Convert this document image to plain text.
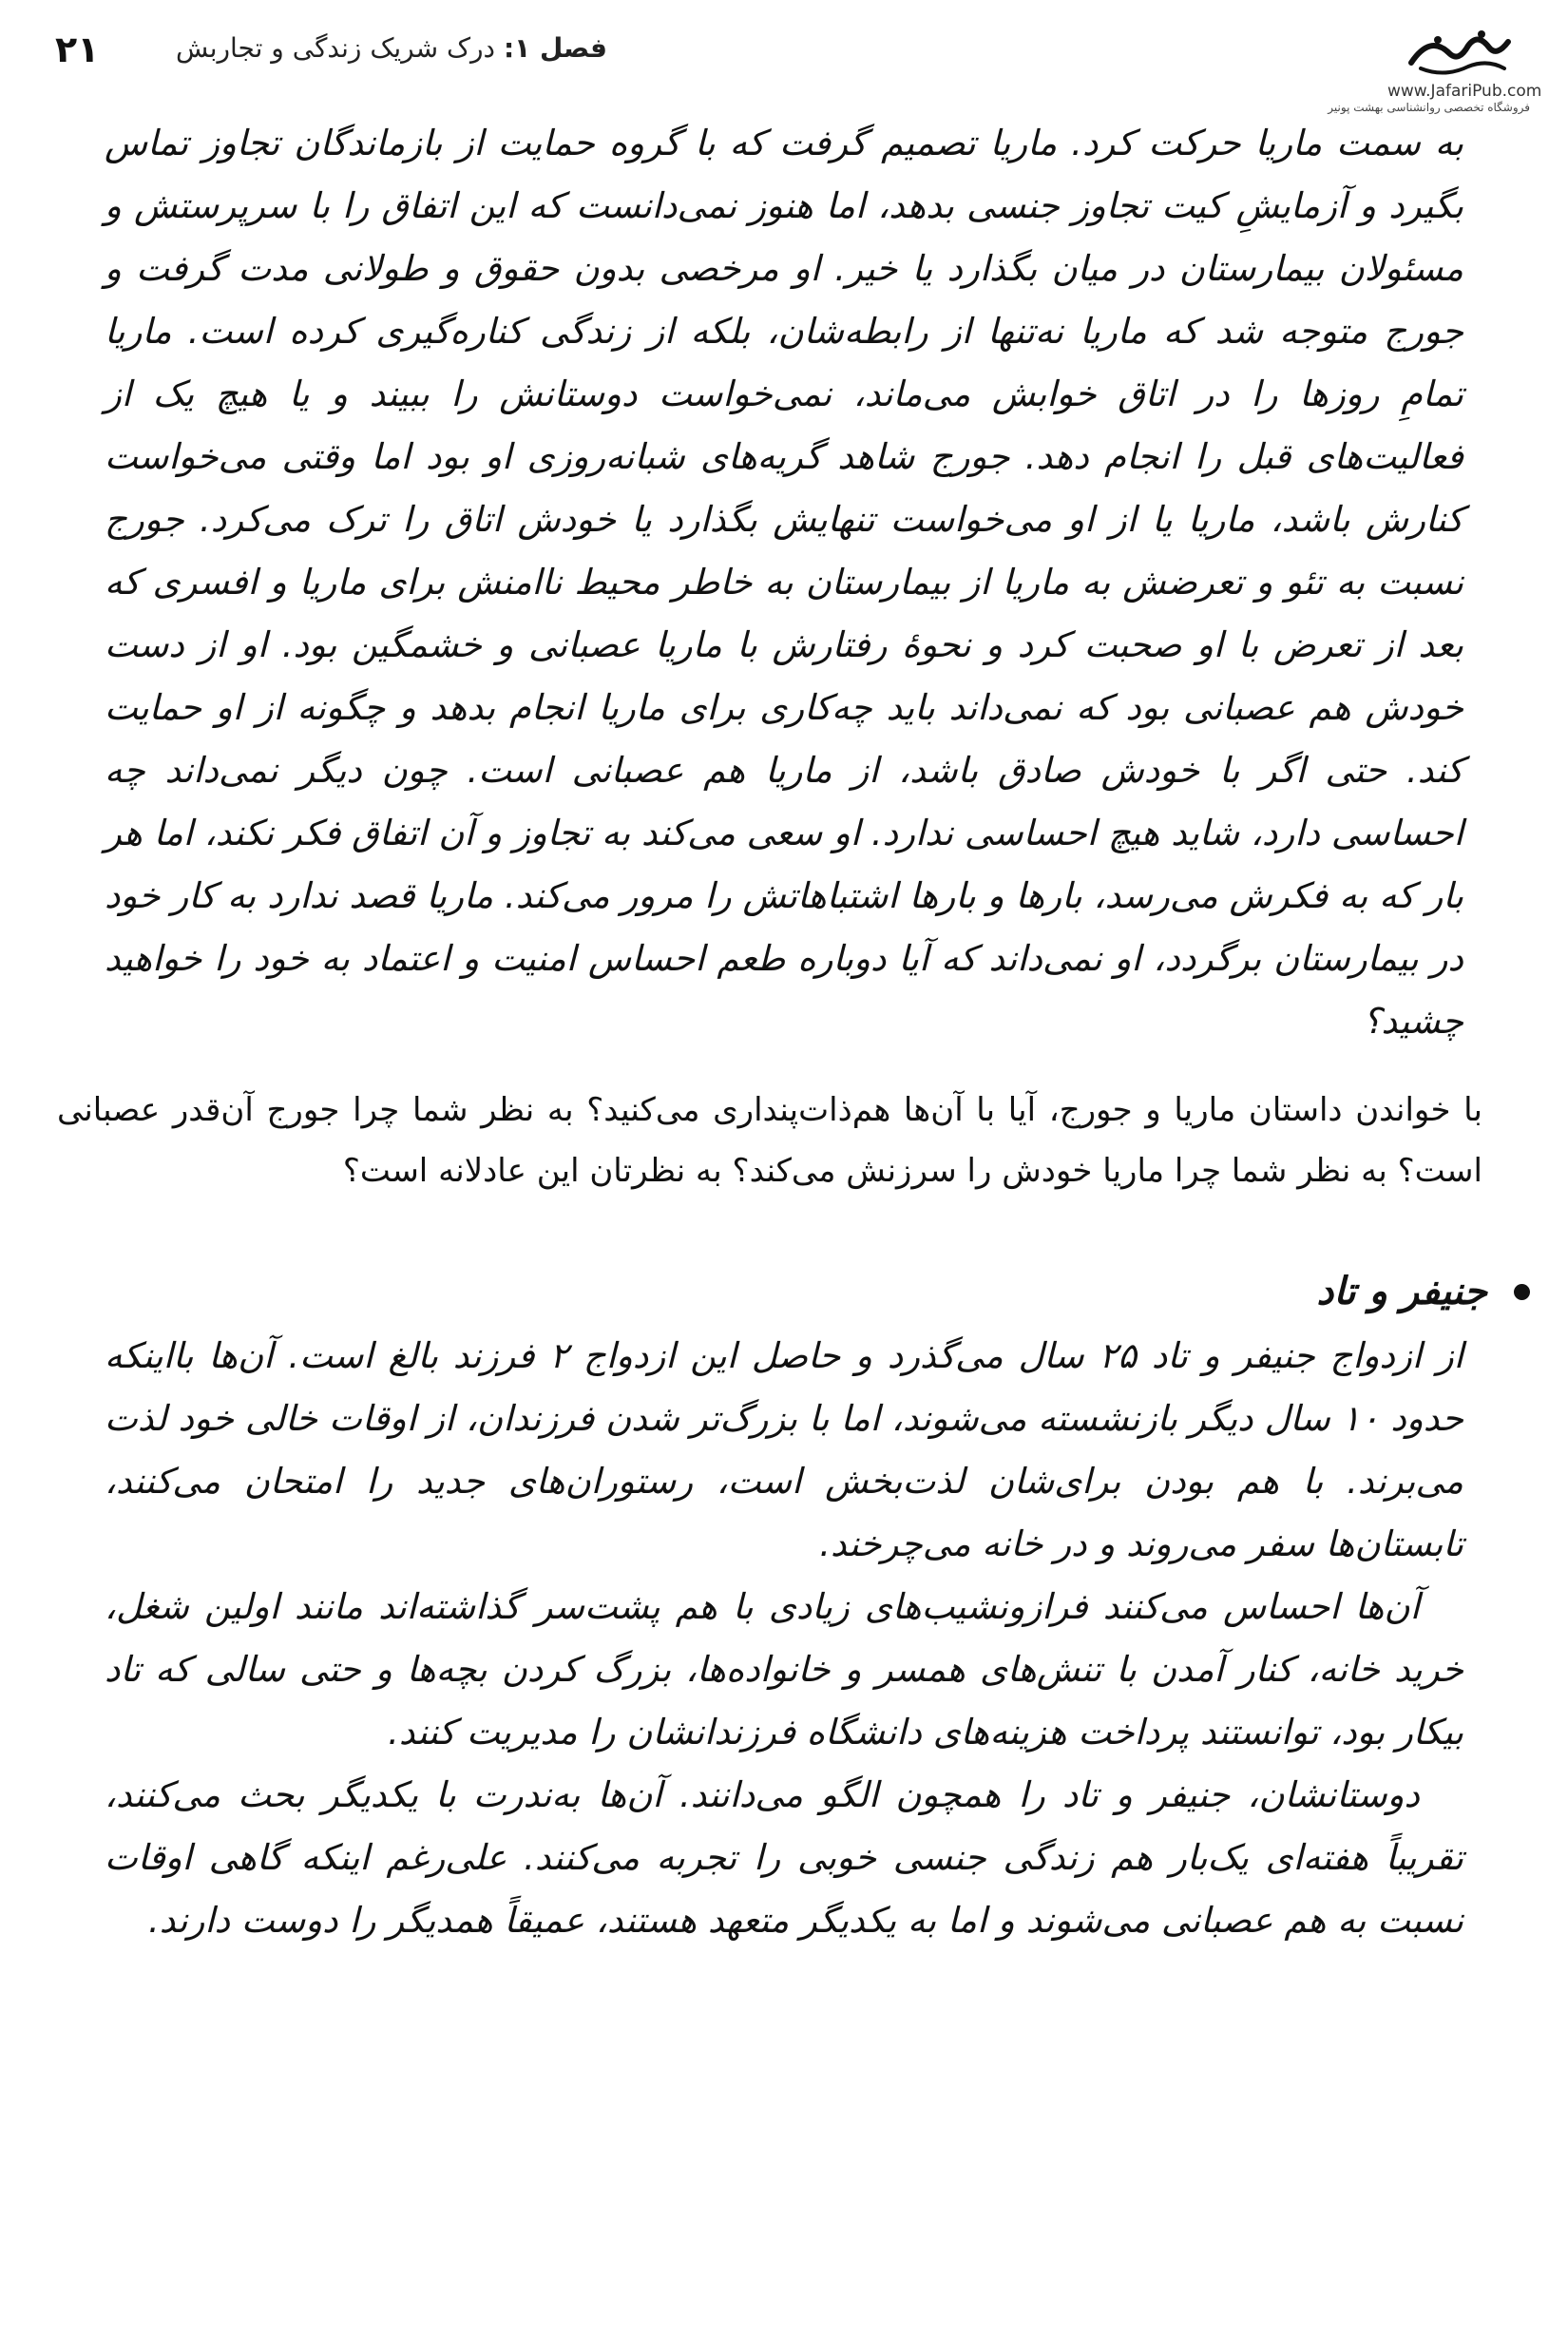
۲۱	فصل ۱: درک شریک زندگی و تجاربش
www.JafariPub.com
فروشگاه تخصصی روانشناسی بهشت پونیر

به سمت ماریا حرکت کرد. ماریا تصمیم گرفت که با گروه حمایت از بازماندگان تجاوز تماس بگیرد و آزمایشِ کیت تجاوز جنسی بدهد، اما هنوز نمی‌دانست که این اتفاق را با سرپرستش و مسئولان بیمارستان در میان بگذارد یا خیر. او مرخصی بدون حقوق و طولانی مدت گرفت و جورج متوجه شد که ماریا نه‌تنها از رابطه‌شان، بلکه از زندگی کناره‌گیری کرده است. ماریا تمامِ روزها را در اتاق خوابش می‌ماند، نمی‌خواست دوستانش را ببیند و یا هیچ یک از فعالیت‌های قبل را انجام دهد. جورج شاهد گریه‌های شبانه‌روزی او بود اما وقتی می‌خواست کنارش باشد، ماریا یا از او می‌خواست تنهایش بگذارد یا خودش اتاق را ترک می‌کرد. جورج نسبت به تئو و تعرضش به ماریا از بیمارستان به خاطر محیط ناامنش برای ماریا و افسری که بعد از تعرض با او صحبت کرد و نحوهٔ رفتارش با ماریا عصبانی و خشمگین بود. او از دست خودش هم عصبانی بود که نمی‌داند باید چه‌کاری برای ماریا انجام بدهد و چگونه از او حمایت کند. حتی اگر با خودش صادق باشد، از ماریا هم عصبانی است. چون دیگر نمی‌داند چه احساسی دارد، شاید هیچ احساسی ندارد. او سعی می‌کند به تجاوز و آن اتفاق فکر نکند، اما هر بار که به فکرش می‌رسد، بارها و بارها اشتباهاتش را مرور می‌کند. ماریا قصد ندارد به کار خود در بیمارستان برگردد، او نمی‌داند که آیا دوباره طعم احساس امنیت و اعتماد به خود را خواهید چشید؟

با خواندن داستان ماریا و جورج، آیا با آن‌ها هم‌ذات‌پنداری می‌کنید؟ به نظر شما چرا جورج آن‌قدر عصبانی است؟ به نظر شما چرا ماریا خودش را سرزنش می‌کند؟ به نظرتان این عادلانه است؟

جنیفر و تاد

از ازدواج جنیفر و تاد ۲۵ سال می‌گذرد و حاصل این ازدواج ۲ فرزند بالغ است. آن‌ها بااینکه حدود ۱۰ سال دیگر بازنشسته می‌شوند، اما با بزرگ‌تر شدن فرزندان، از اوقات خالی خود لذت می‌برند. با هم بودن برای‌شان لذت‌بخش است، رستوران‌های جدید را امتحان می‌کنند، تابستان‌ها سفر می‌روند و در خانه می‌چرخند.

آن‌ها احساس می‌کنند فرازونشیب‌های زیادی با هم پشت‌سر گذاشته‌اند مانند اولین شغل، خرید خانه، کنار آمدن با تنش‌های همسر و خانواده‌ها، بزرگ کردن بچه‌ها و حتی سالی که تاد بیکار بود، توانستند پرداخت هزینه‌های دانشگاه فرزندانشان را مدیریت کنند.

دوستانشان، جنیفر و تاد را همچون الگو می‌دانند. آن‌ها به‌ندرت با یکدیگر بحث می‌کنند، تقریباً هفته‌ای یک‌بار هم زندگی جنسی خوبی را تجربه می‌کنند. علی‌رغم اینکه گاهی اوقات نسبت به هم عصبانی می‌شوند و اما به یکدیگر متعهد هستند، عمیقاً همدیگر را دوست دارند.
